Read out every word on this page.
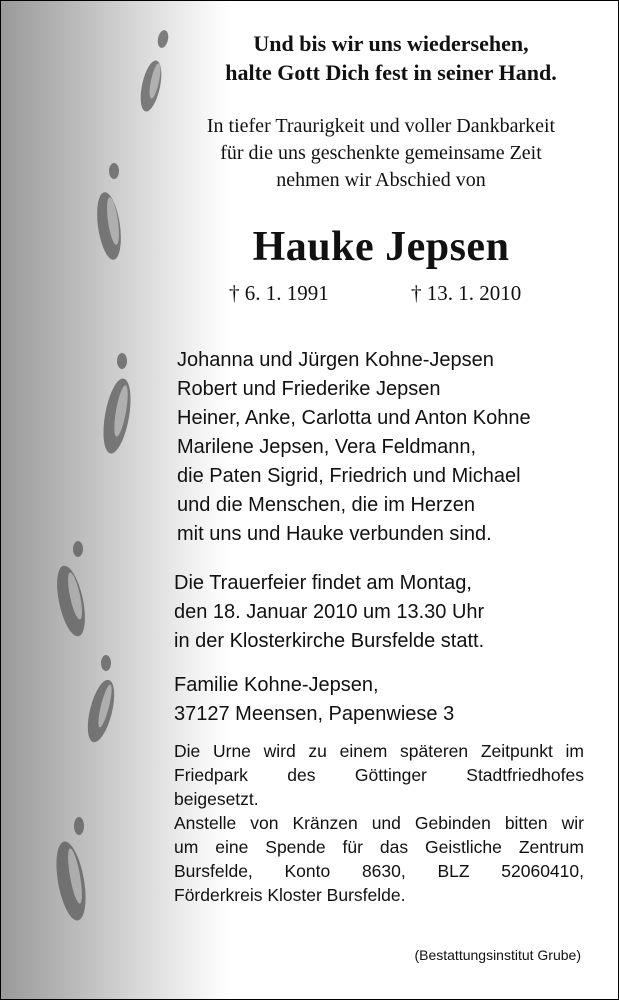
Und bis wir uns wiedersehen,
halte Gott Dich fest in seiner Hand.
In tiefer Traurigkeit und voller Dankbarkeit
für die uns geschenkte gemeinsame Zeit
nehmen wir Abschied von
Hauke Jepsen
† 6. 1. 1991	† 13. 1. 2010
Johanna und Jürgen Kohne-Jepsen
Robert und Friederike Jepsen
Heiner, Anke, Carlotta und Anton Kohne
Marilene Jepsen, Vera Feldmann,
die Paten Sigrid, Friedrich und Michael
und die Menschen, die im Herzen
mit uns und Hauke verbunden sind.
Die Trauerfeier findet am Montag,
den 18. Januar 2010 um 13.30 Uhr
in der Klosterkirche Bursfelde statt.
Familie Kohne-Jepsen,
37127 Meensen, Papenwiese 3
Die Urne wird zu einem späteren Zeitpunkt im
Friedpark des Göttinger Stadtfriedhofes
beigesetzt.
Anstelle von Kränzen und Gebinden bitten wir
um eine Spende für das Geistliche Zentrum
Bursfelde, Konto 8630, BLZ 52060410,
Förderkreis Kloster Bursfelde.
(Bestattungsinstitut Grube)
